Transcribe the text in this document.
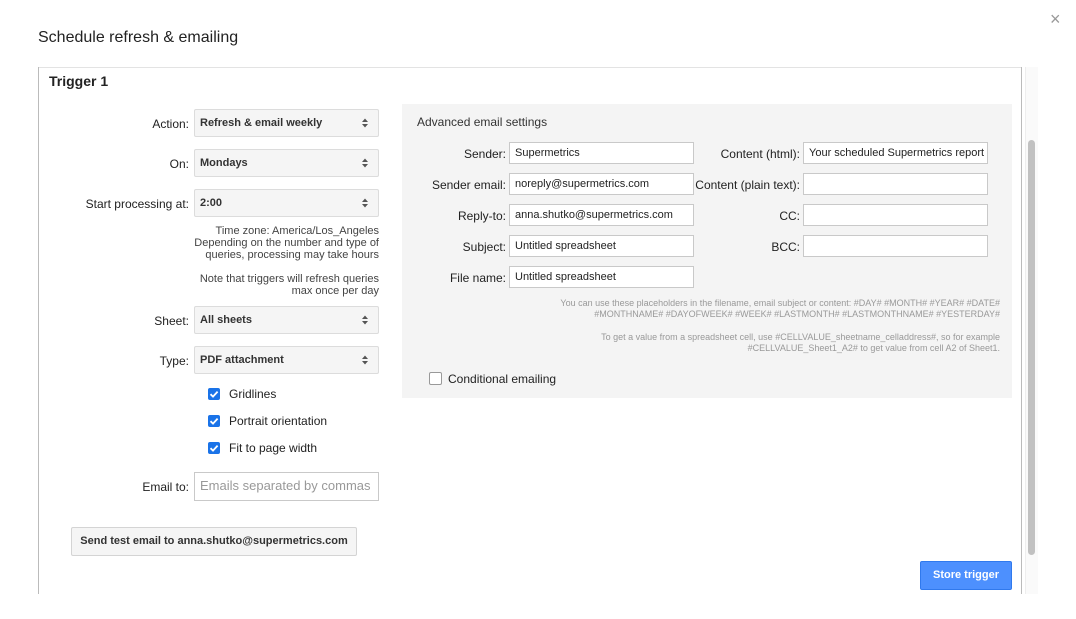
Schedule refresh & emailing
×
Trigger 1
Action:	Refresh & email weekly
On:	Mondays
Start processing at:	2:00
Time zone: America/Los_Angeles
Depending on the number and type of
queries, processing may take hours
Note that triggers will refresh queries
max once per day
Sheet:	All sheets
Type:	PDF attachment
Gridlines
Portrait orientation
Fit to page width
Email to: Emails separated by commas
Send test email to anna.shutko@supermetrics.com
Advanced email settings
Sender: Supermetrics
Sender email: noreply@supermetrics.com
Reply-to: anna.shutko@supermetrics.com
Subject: Untitled spreadsheet
File name: Untitled spreadsheet
Content (html): Your scheduled Supermetrics report
Content (plain text):
CC:
BCC:
You can use these placeholders in the filename, email subject or content: #DAY# #MONTH# #YEAR# #DATE#
#MONTHNAME# #DAYOFWEEK# #WEEK# #LASTMONTH# #LASTMONTHNAME# #YESTERDAY#
To get a value from a spreadsheet cell, use #CELLVALUE_sheetname_celladdress#, so for example
#CELLVALUE_Sheet1_A2# to get value from cell A2 of Sheet1.
Conditional emailing
Store trigger
